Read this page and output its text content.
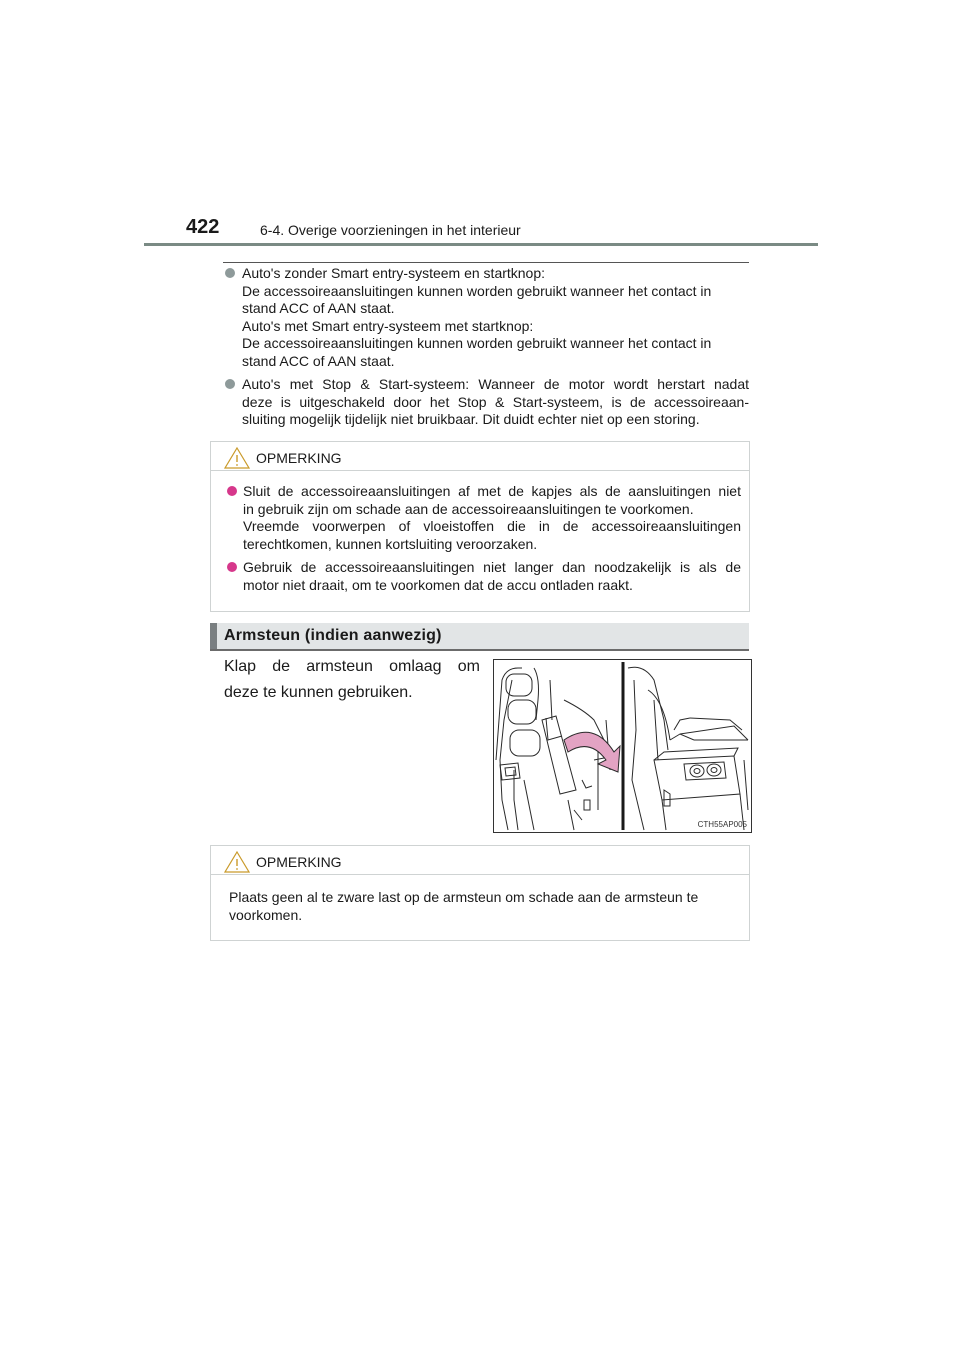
422	6-4. Overige voorzieningen in het interieur
Auto's zonder Smart entry-systeem en startknop:
De accessoireaansluitingen kunnen worden gebruikt wanneer het contact in
stand ACC of AAN staat.
Auto's met Smart entry-systeem met startknop:
De accessoireaansluitingen kunnen worden gebruikt wanneer het contact in
stand ACC of AAN staat.
Auto's met Stop & Start-systeem: Wanneer de motor wordt herstart nadat
deze is uitgeschakeld door het Stop & Start-systeem, is de accessoireaan-
sluiting mogelijk tijdelijk niet bruikbaar. Dit duidt echter niet op een storing.
OPMERKING
Sluit de accessoireaansluitingen af met de kapjes als de aansluitingen niet
in gebruik zijn om schade aan de accessoireaansluitingen te voorkomen.
Vreemde voorwerpen of vloeistoffen die in de accessoireaansluitingen
terechtkomen, kunnen kortsluiting veroorzaken.
Gebruik de accessoireaansluitingen niet langer dan noodzakelijk is als de
motor niet draait, om te voorkomen dat de accu ontladen raakt.
Armsteun (indien aanwezig)
Klap de armsteun omlaag om
deze te kunnen gebruiken.
CTH55AP005
OPMERKING
Plaats geen al te zware last op de armsteun om schade aan de armsteun te
voorkomen.
